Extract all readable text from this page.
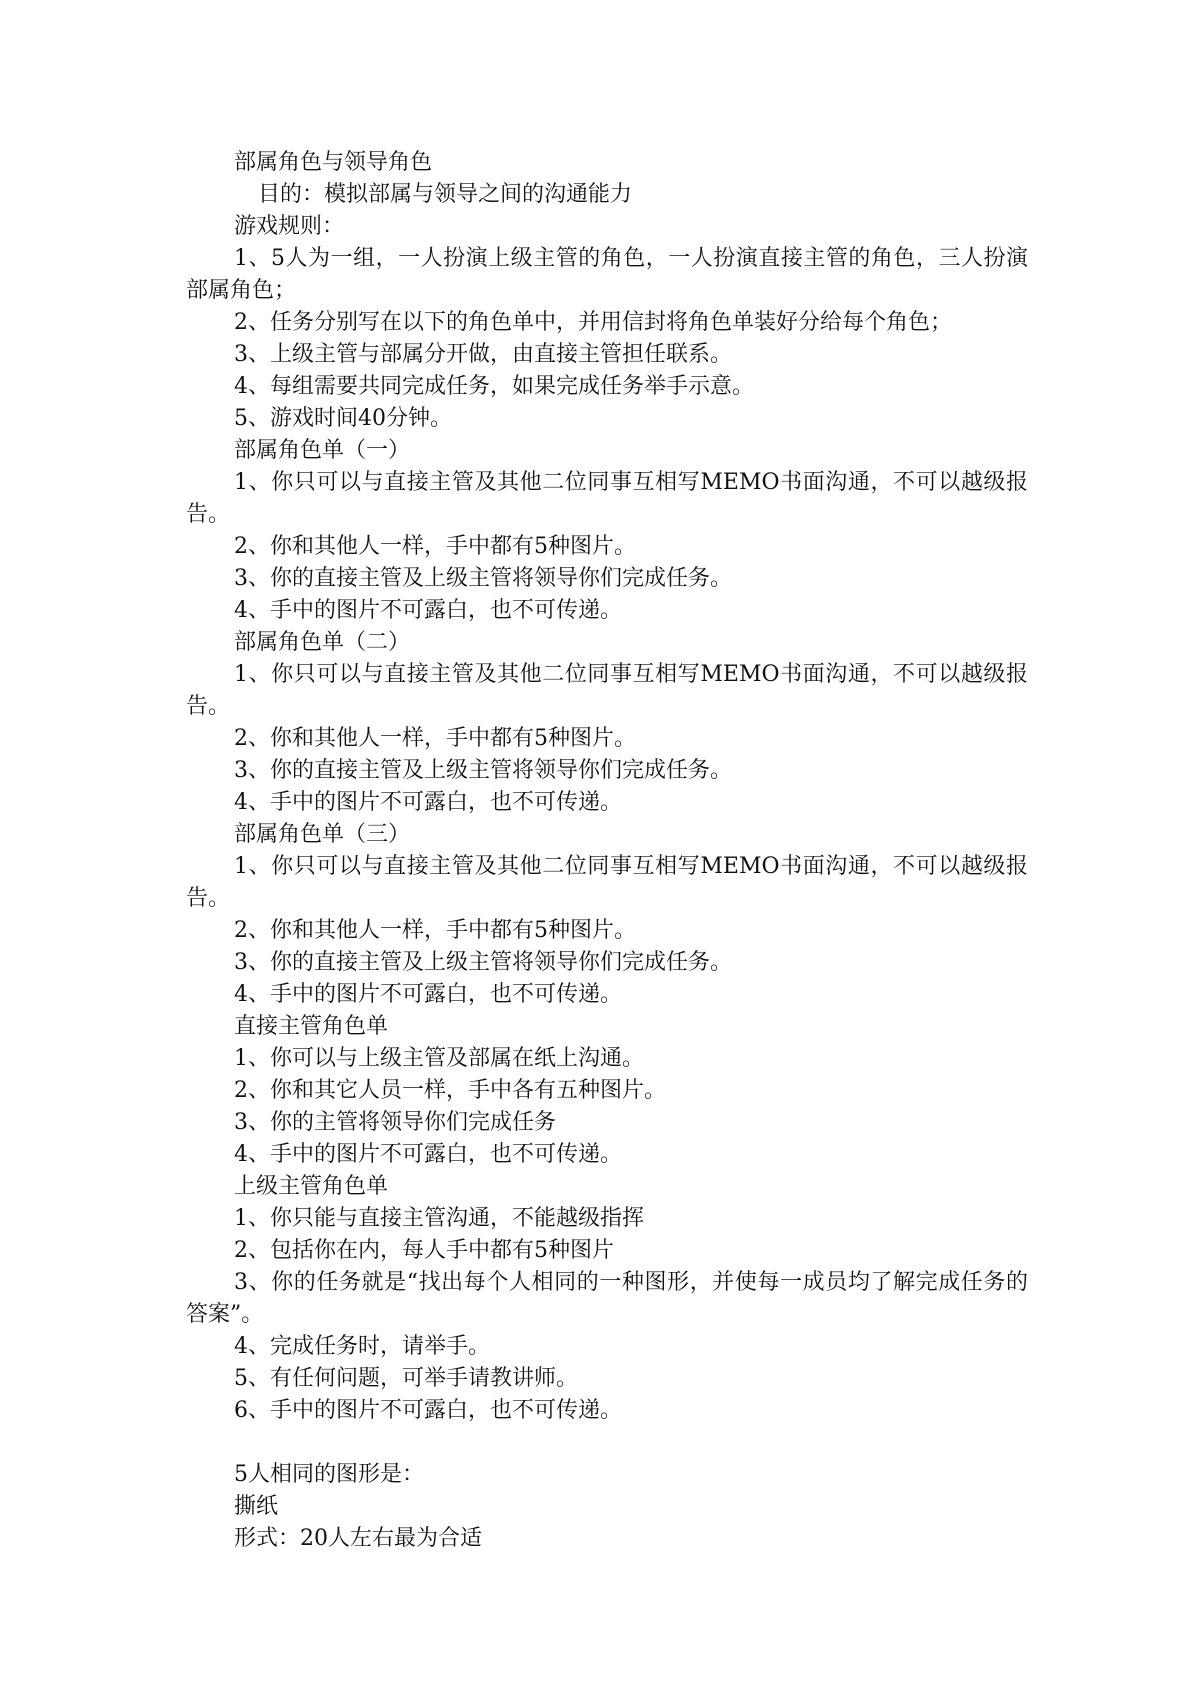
部属角色与领导角色

目的：模拟部属与领导之间的沟通能力

游戏规则：

1、5人为一组，一人扮演上级主管的角色，一人扮演直接主管的角色，三人扮演部属角色；

2、任务分别写在以下的角色单中，并用信封将角色单装好分给每个角色；

3、上级主管与部属分开做，由直接主管担任联系。

4、每组需要共同完成任务，如果完成任务举手示意。

5、游戏时间40分钟。

部属角色单（一）

1、你只可以与直接主管及其他二位同事互相写MEMO书面沟通，不可以越级报告。

2、你和其他人一样，手中都有5种图片。

3、你的直接主管及上级主管将领导你们完成任务。

4、手中的图片不可露白，也不可传递。

部属角色单（二）

1、你只可以与直接主管及其他二位同事互相写MEMO书面沟通，不可以越级报告。

2、你和其他人一样，手中都有5种图片。

3、你的直接主管及上级主管将领导你们完成任务。

4、手中的图片不可露白，也不可传递。

部属角色单（三）

1、你只可以与直接主管及其他二位同事互相写MEMO书面沟通，不可以越级报告。

2、你和其他人一样，手中都有5种图片。

3、你的直接主管及上级主管将领导你们完成任务。

4、手中的图片不可露白，也不可传递。

直接主管角色单

1、你可以与上级主管及部属在纸上沟通。

2、你和其它人员一样，手中各有五种图片。

3、你的主管将领导你们完成任务

4、手中的图片不可露白，也不可传递。

上级主管角色单

1、你只能与直接主管沟通，不能越级指挥

2、包括你在内，每人手中都有5种图片

3、你的任务就是“找出每个人相同的一种图形，并使每一成员均了解完成任务的答案”。

4、完成任务时，请举手。

5、有任何问题，可举手请教讲师。

6、手中的图片不可露白，也不可传递。

5人相同的图形是：

撕纸

形式：20人左右最为合适
